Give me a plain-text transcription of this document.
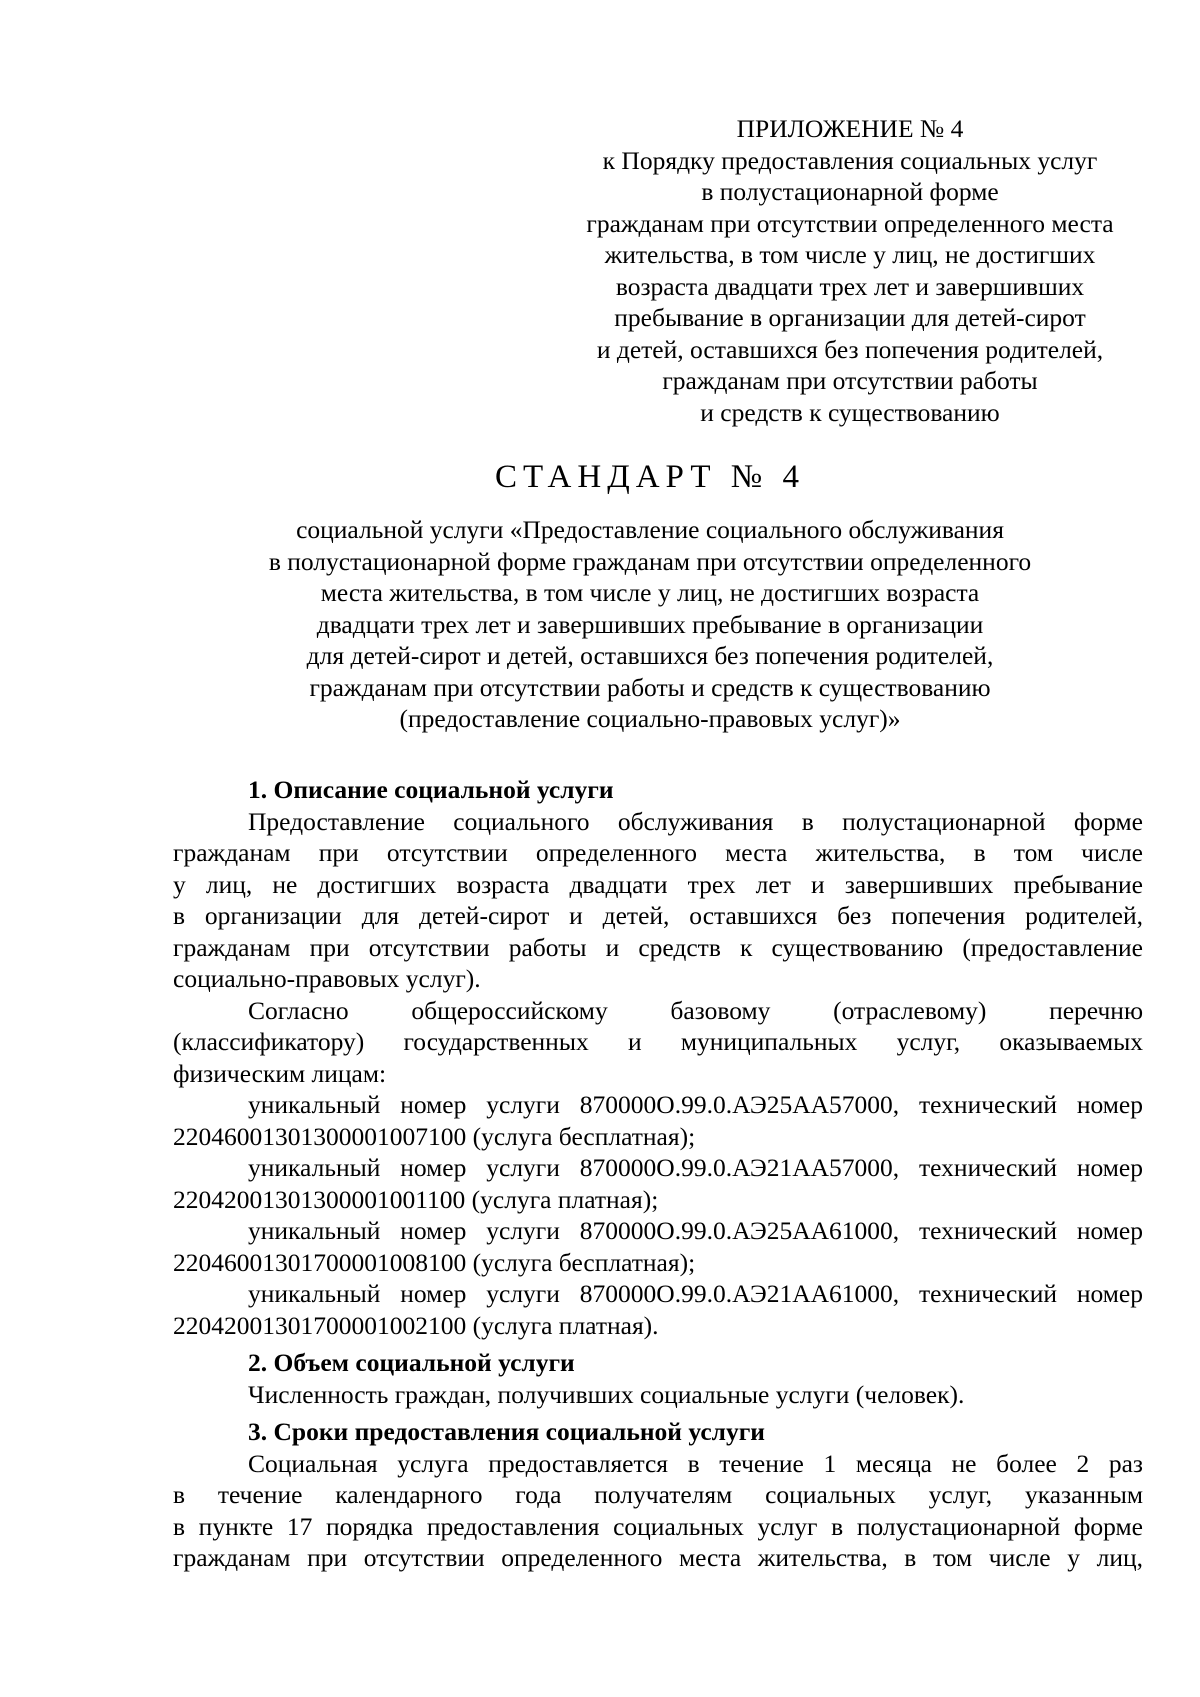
ПРИЛОЖЕНИЕ № 4
к Порядку предоставления социальных услуг
в полустационарной форме
гражданам при отсутствии определенного места
жительства, в том числе у лиц, не достигших
возраста двадцати трех лет и завершивших
пребывание в организации для детей-сирот
и детей, оставшихся без попечения родителей,
гражданам при отсутствии работы
и средств к существованию
СТАНДАРТ № 4
социальной услуги «Предоставление социального обслуживания
в полустационарной форме гражданам при отсутствии определенного
места жительства, в том числе у лиц, не достигших возраста
двадцати трех лет и завершивших пребывание в организации
для детей-сирот и детей, оставшихся без попечения родителей,
гражданам при отсутствии работы и средств к существованию
(предоставление социально-правовых услуг)»
1. Описание социальной услуги
Предоставление социального обслуживания в полустационарной форме
гражданам при отсутствии определенного места жительства, в том числе
у лиц, не достигших возраста двадцати трех лет и завершивших пребывание
в организации для детей-сирот и детей, оставшихся без попечения родителей,
гражданам при отсутствии работы и средств к существованию (предоставление
социально-правовых услуг).
Согласно общероссийскому базовому (отраслевому) перечню
(классификатору) государственных и муниципальных услуг, оказываемых
физическим лицам:
уникальный номер услуги 870000О.99.0.АЭ25АА57000, технический номер
22046001301300001007100 (услуга бесплатная);
уникальный номер услуги 870000О.99.0.АЭ21АА57000, технический номер
22042001301300001001100 (услуга платная);
уникальный номер услуги 870000О.99.0.АЭ25АА61000, технический номер
22046001301700001008100 (услуга бесплатная);
уникальный номер услуги 870000О.99.0.АЭ21АА61000, технический номер
22042001301700001002100 (услуга платная).
2. Объем социальной услуги
Численность граждан, получивших социальные услуги (человек).
3. Сроки предоставления социальной услуги
Социальная услуга предоставляется в течение 1 месяца не более 2 раз
в течение календарного года получателям социальных услуг, указанным
в пункте 17 порядка предоставления социальных услуг в полустационарной форме
гражданам при отсутствии определенного места жительства, в том числе у лиц,
